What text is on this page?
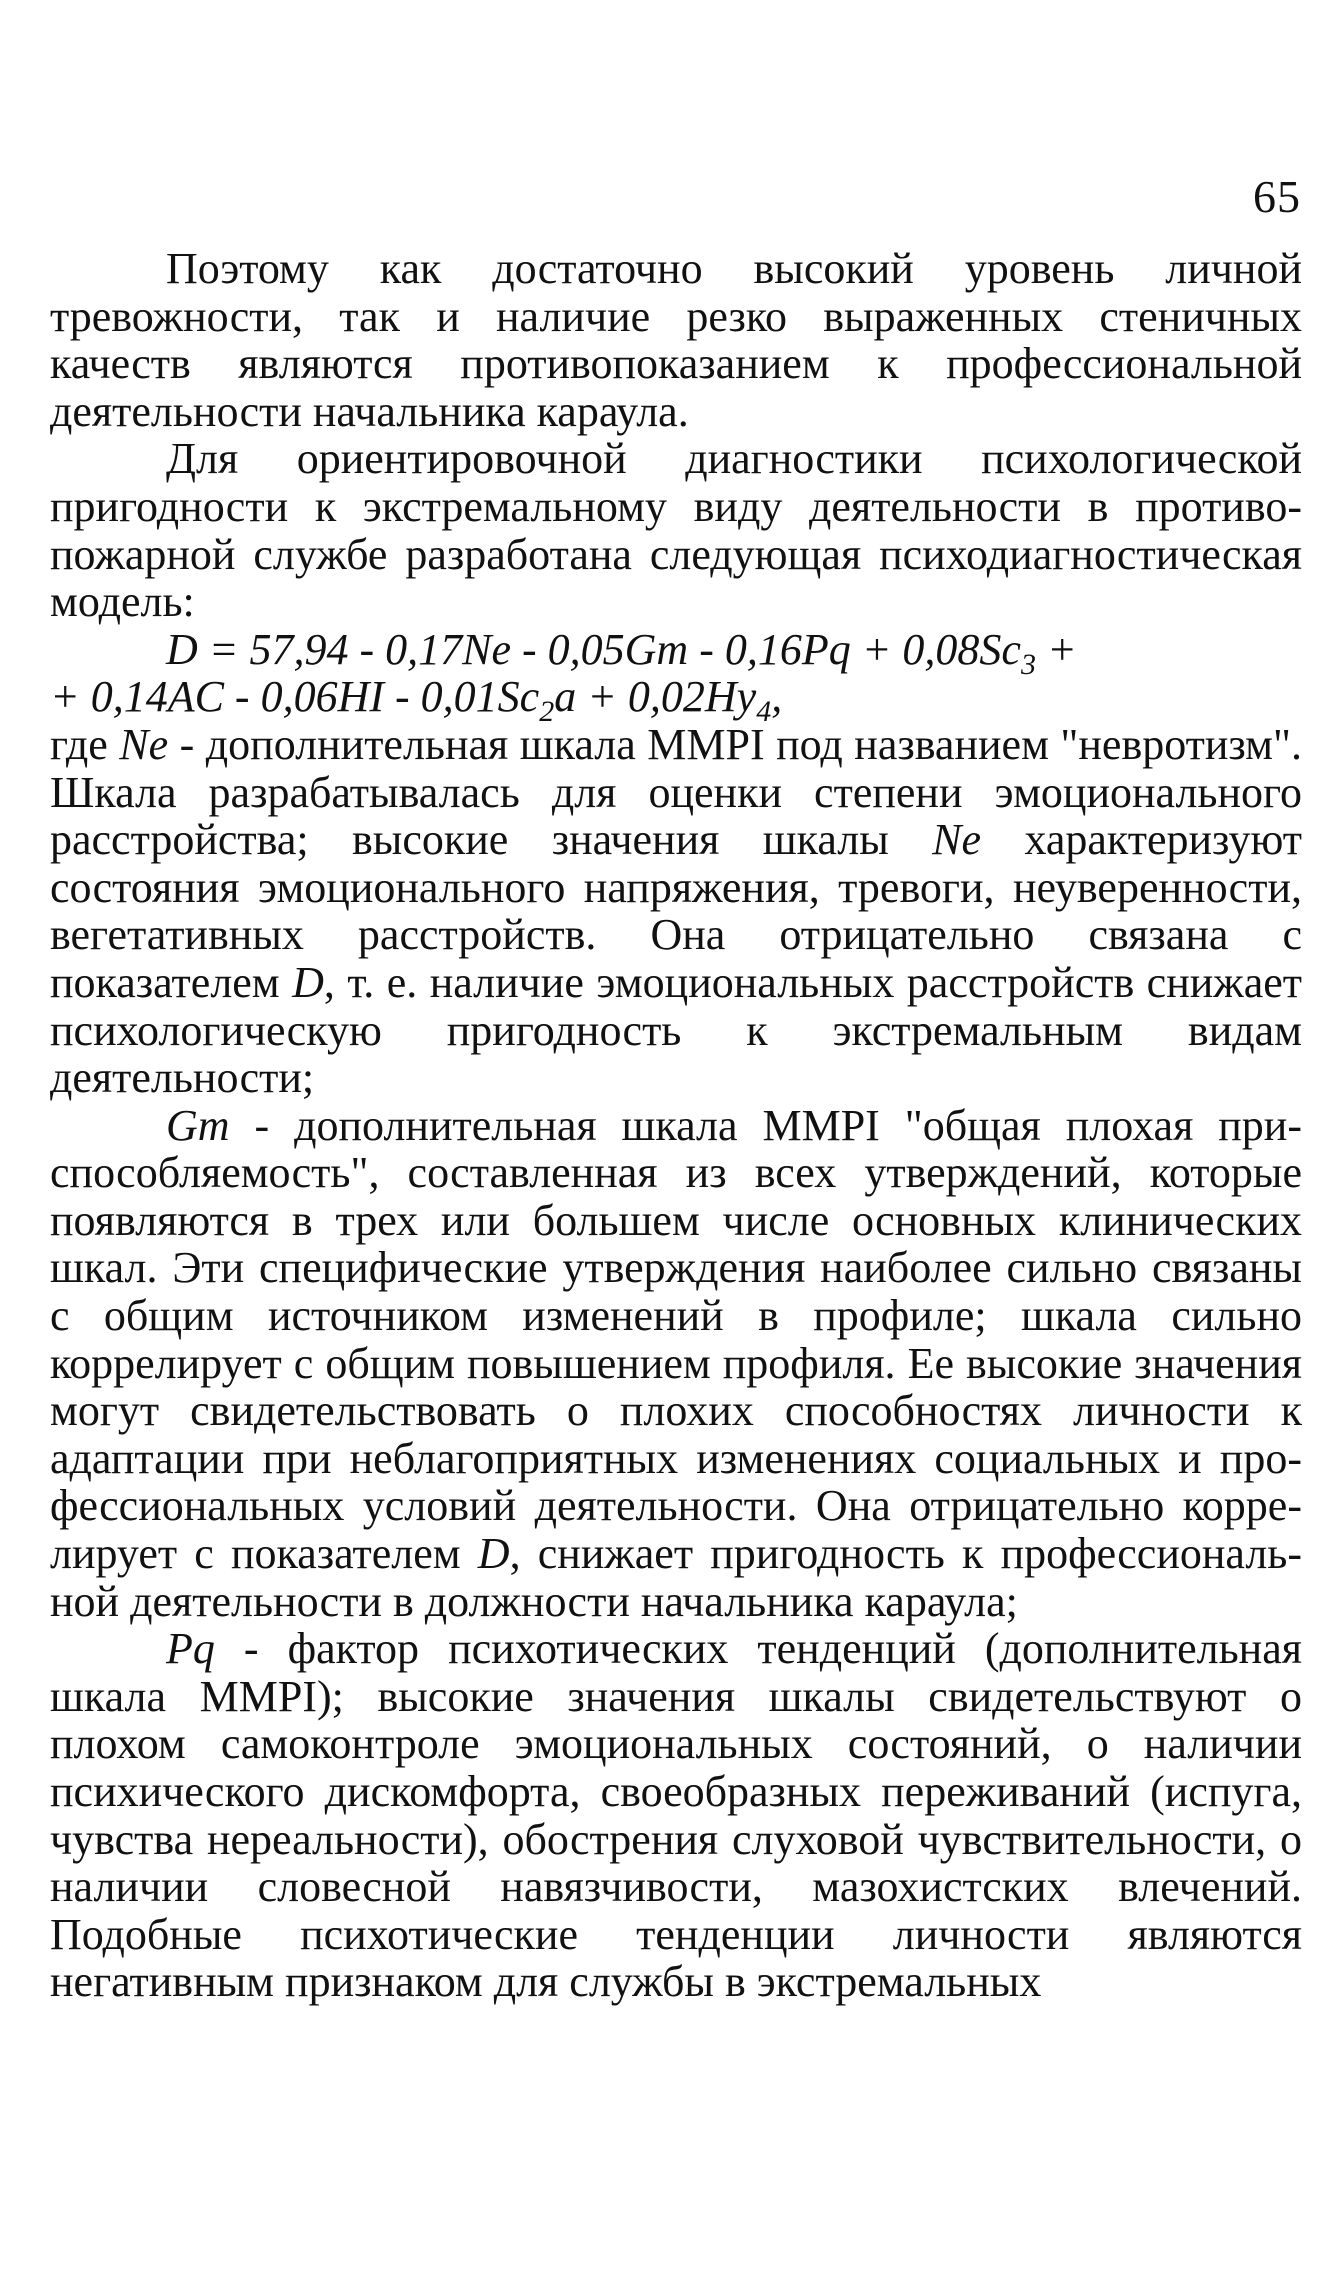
65

Поэтому как достаточно высокий уровень личной тревожности, так и наличие резко выраженных стеничных качеств являются противопоказанием к профессиональной деятельности начальника караула.

Для ориентировочной диагностики психологической пригодности к экстремальному виду деятельности в противопожарной службе разработана следующая психодиагностическая модель:

$D = 57,94 - 0,17Ne - 0,05Gm - 0,16Pq + 0,08Sc_3$ +
+ $0,14AC - 0,06HI - 0,01Sc_2a + 0,02Hy_4$,

где Ne - дополнительная шкала MMPI под названием "невротизм". Шкала разрабатывалась для оценки степени эмоционального расстройства; высокие значения шкалы Ne характеризуют состояния эмоционального напряжения, тревоги, неуверенности, вегетативных расстройств. Она отрицательно связана с показателем D, т. е. наличие эмоциональных расстройств снижает психологическую пригодность к экстремальным видам деятельности;

Gm - дополнительная шкала MMPI "общая плохая приспособляемость", составленная из всех утверждений, которые появляются в трех или большем числе основных клинических шкал. Эти специфические утверждения наиболее сильно связаны с общим источником изменений в профиле; шкала сильно коррелирует с общим повышением профиля. Ее высокие значения могут свидетельствовать о плохих способностях личности к адаптации при неблагоприятных изменениях социальных и профессиональных условий деятельности. Она отрицательно коррелирует с показателем D, снижает пригодность к профессиональной деятельности в должности начальника караула;

Pq - фактор психотических тенденций (дополнительная шкала MMPI); высокие значения шкалы свидетельствуют о плохом самоконтроле эмоциональных состояний, о наличии психического дискомфорта, своеобразных переживаний (испуга, чувства нереальности), обострения слуховой чувствительности, о наличии словесной навязчивости, мазохистских влечений. Подобные психотические тенденции личности являются негативным признаком для службы в экстремальных
